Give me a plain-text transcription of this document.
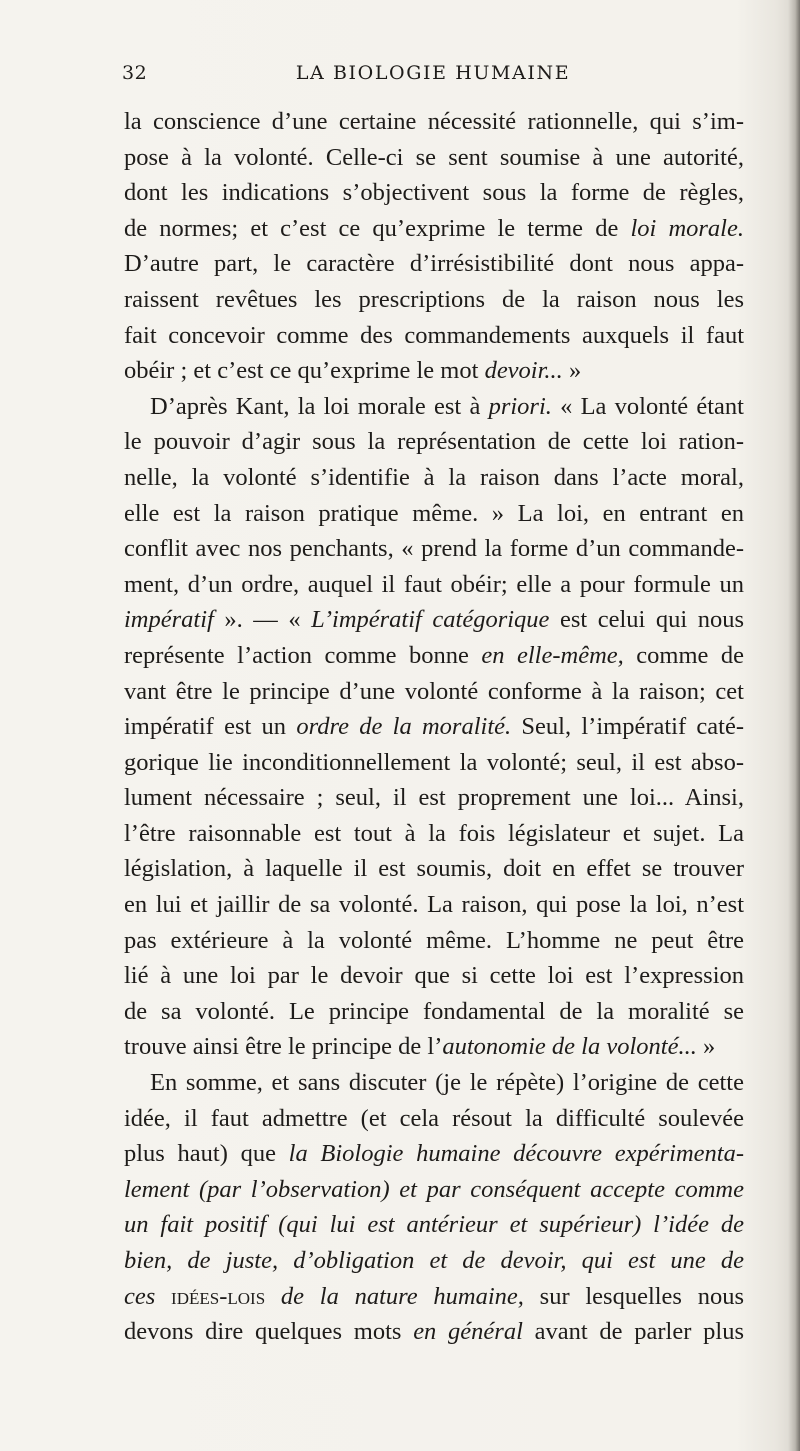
32	LA BIOLOGIE HUMAINE
la conscience d’une certaine nécessité rationnelle, qui s’im-
pose à la volonté. Celle-ci se sent soumise à une autorité,
dont les indications s’objectivent sous la forme de règles,
de normes; et c’est ce qu’exprime le terme de loi morale.
D’autre part, le caractère d’irrésistibilité dont nous appa-
raissent revêtues les prescriptions de la raison nous les
fait concevoir comme des commandements auxquels il faut
obéir ; et c’est ce qu’exprime le mot devoir... »
D’après Kant, la loi morale est à priori. « La volonté étant
le pouvoir d’agir sous la représentation de cette loi ration-
nelle, la volonté s’identifie à la raison dans l’acte moral,
elle est la raison pratique même. » La loi, en entrant en
conflit avec nos penchants, « prend la forme d’un commande-
ment, d’un ordre, auquel il faut obéir; elle a pour formule un
impératif ». — « L’impératif catégorique est celui qui nous
représente l’action comme bonne en elle-même, comme de
vant être le principe d’une volonté conforme à la raison; cet
impératif est un ordre de la moralité. Seul, l’impératif caté-
gorique lie inconditionnellement la volonté; seul, il est abso-
lument nécessaire ; seul, il est proprement une loi... Ainsi,
l’être raisonnable est tout à la fois législateur et sujet. La
législation, à laquelle il est soumis, doit en effet se trouver
en lui et jaillir de sa volonté. La raison, qui pose la loi, n’est
pas extérieure à la volonté même. L’homme ne peut être
lié à une loi par le devoir que si cette loi est l’expression
de sa volonté. Le principe fondamental de la moralité se
trouve ainsi être le principe de l’autonomie de la volonté... »
En somme, et sans discuter (je le répète) l’origine de cette
idée, il faut admettre (et cela résout la difficulté soulevée
plus haut) que la Biologie humaine découvre expérimenta-
lement (par l’observation) et par conséquent accepte comme
un fait positif (qui lui est antérieur et supérieur) l’idée de
bien, de juste, d’obligation et de devoir, qui est une de
ces idées-lois de la nature humaine, sur lesquelles nous
devons dire quelques mots en général avant de parler plus
